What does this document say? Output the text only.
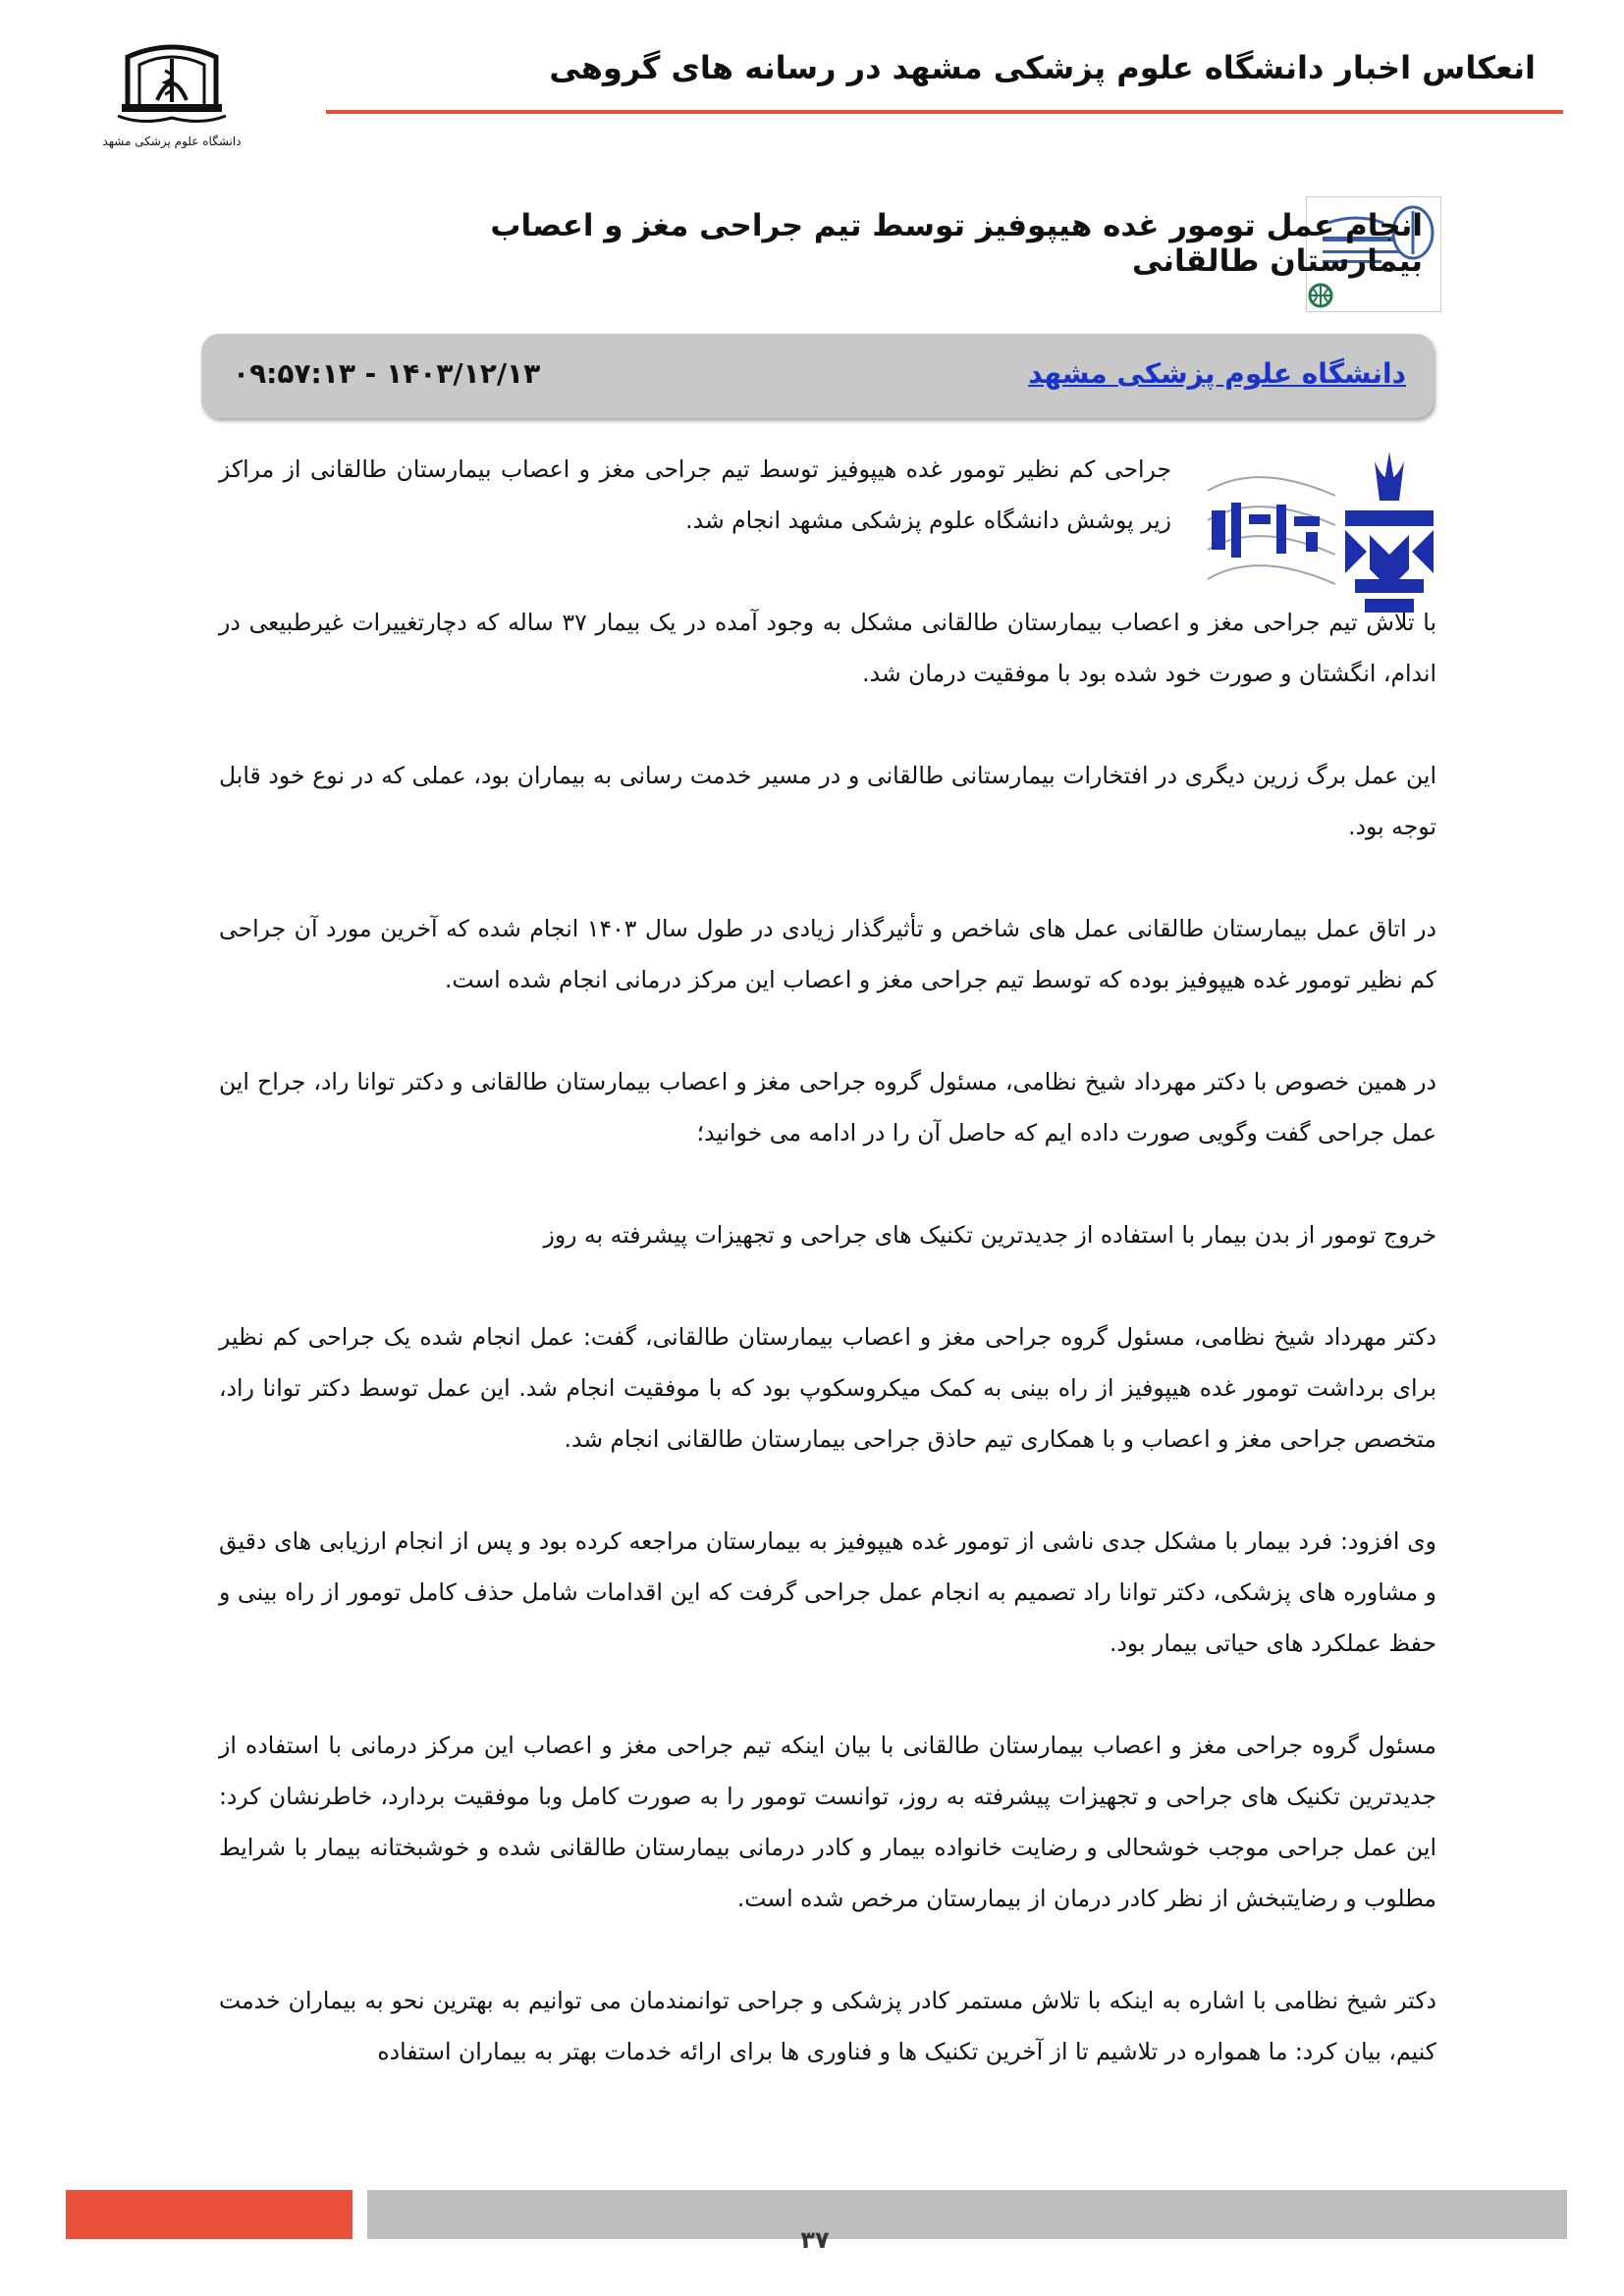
انعکاس اخبار دانشگاه علوم پزشکی مشهد در رسانه های گروهی
دانشگاه علوم پزشکی مشهد
انجام عمل تومور غده هیپوفیز توسط تیم جراحی مغز و اعصاب بیمارستان طالقانی
دانشگاه علوم پزشکی مشهد
۱۴۰۳/۱۲/۱۳ - ۰۹:۵۷:۱۳

جراحی کم نظیر تومور غده هیپوفیز توسط تیم جراحی مغز و اعصاب بیمارستان طالقانی از مراکز زیر پوشش دانشگاه علوم پزشکی مشهد انجام شد.

با تلاش تیم جراحی مغز و اعصاب بیمارستان طالقانی مشکل به وجود آمده در یک بیمار ۳۷ ساله که دچارتغییرات غیرطبیعی در اندام، انگشتان و صورت خود شده بود با موفقیت درمان شد.

این عمل برگ زرین دیگری در افتخارات بیمارستانی طالقانی و در مسیر خدمت رسانی به بیماران بود، عملی که در نوع خود قابل توجه بود.

در اتاق عمل بیمارستان طالقانی عمل های شاخص و تأثیرگذار زیادی در طول سال ۱۴۰۳ انجام شده که آخرین مورد آن جراحی کم نظیر تومور غده هیپوفیز بوده که توسط تیم جراحی مغز و اعصاب این مرکز درمانی انجام شده است.

در همین خصوص با دکتر مهرداد شیخ نظامی، مسئول گروه جراحی مغز و اعصاب بیمارستان طالقانی و دکتر توانا راد، جراح این عمل جراحی گفت وگویی صورت داده ایم که حاصل آن را در ادامه می خوانید؛

خروج تومور از بدن بیمار با استفاده از جدیدترین تکنیک های جراحی و تجهیزات پیشرفته به روز

دکتر مهرداد شیخ نظامی، مسئول گروه جراحی مغز و اعصاب بیمارستان طالقانی، گفت: عمل انجام شده یک جراحی کم نظیر برای برداشت تومور غده هیپوفیز از راه بینی به کمک میکروسکوپ بود که با موفقیت انجام شد. این عمل توسط دکتر توانا راد، متخصص جراحی مغز و اعصاب و با همکاری تیم حاذق جراحی بیمارستان طالقانی انجام شد.

وی افزود: فرد بیمار با مشکل جدی ناشی از تومور غده هیپوفیز به بیمارستان مراجعه کرده بود و پس از انجام ارزیابی های دقیق و مشاوره های پزشکی، دکتر توانا راد تصمیم به انجام عمل جراحی گرفت که این اقدامات شامل حذف کامل تومور از راه بینی و حفظ عملکرد های حیاتی بیمار بود.

مسئول گروه جراحی مغز و اعصاب بیمارستان طالقانی با بیان اینکه تیم جراحی مغز و اعصاب این مرکز درمانی با استفاده از جدیدترین تکنیک های جراحی و تجهیزات پیشرفته به روز، توانست تومور را به صورت کامل وبا موفقیت بردارد، خاطرنشان کرد: این عمل جراحی موجب خوشحالی و رضایت خانواده بیمار و کادر درمانی بیمارستان طالقانی شده و خوشبختانه بیمار با شرایط مطلوب و رضایتبخش از نظر کادر درمان از بیمارستان مرخص شده است.

دکتر شیخ نظامی با اشاره به اینکه با تلاش مستمر کادر پزشکی و جراحی توانمندمان می توانیم به بهترین نحو به بیماران خدمت کنیم، بیان کرد: ما همواره در تلاشیم تا از آخرین تکنیک ها و فناوری ها برای ارائه خدمات بهتر به بیماران استفاده

۳۷
